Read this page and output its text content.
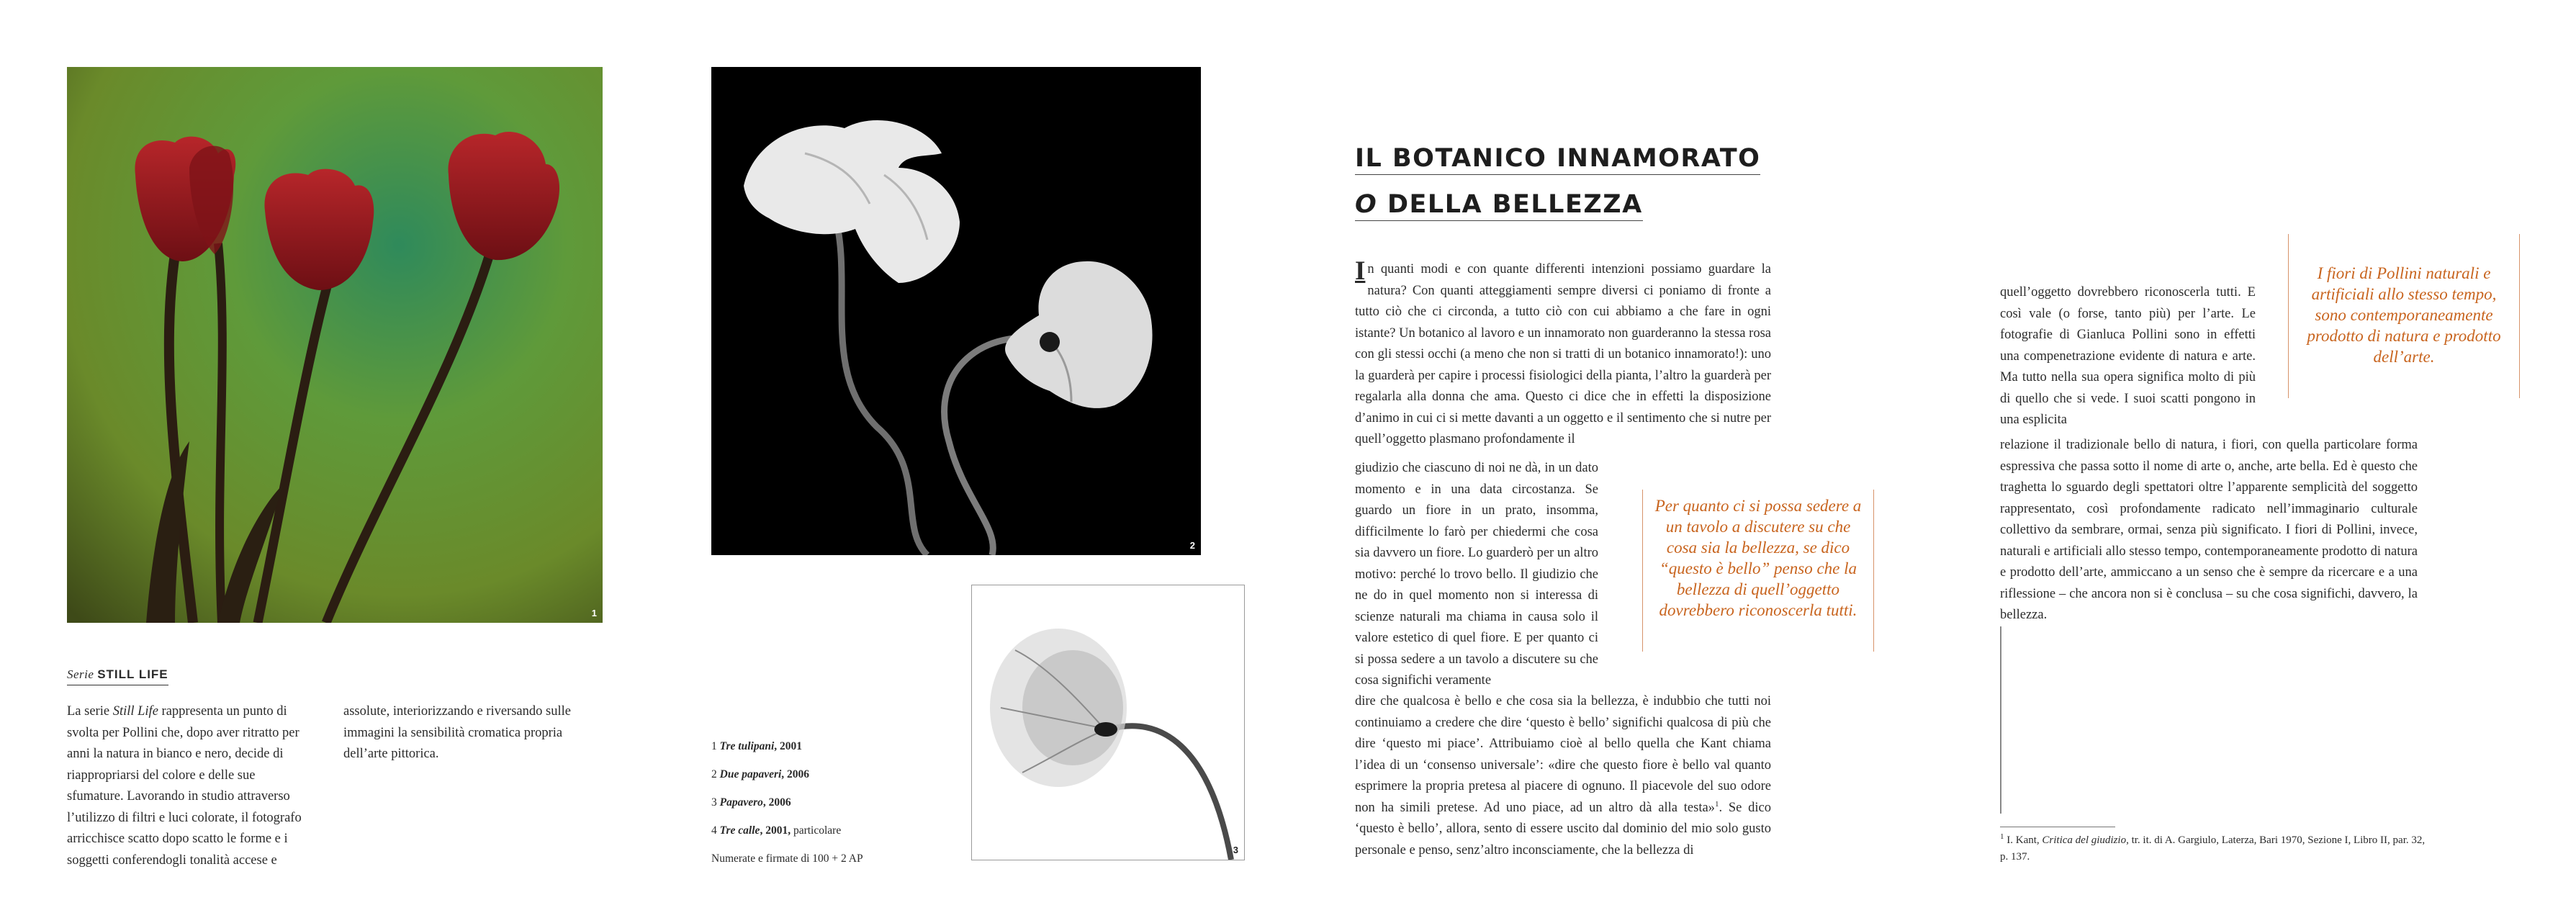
1
2
3
Serie STILL LIFE
La serie Still Life rappresenta un punto di svolta per Pollini che, dopo aver ritratto per anni la natura in bianco e nero, decide di riappropriarsi del colore e delle sue sfumature. Lavorando in studio attraverso l’utilizzo di filtri e luci colorate, il fotografo arricchisce scatto dopo scatto le forme e i soggetti conferendogli tonalità accese e
assolute, interiorizzando e riversando sulle immagini la sensibilità cromatica propria dell’arte pittorica.
1 Tre tulipani, 2001
2 Due papaveri, 2006
3 Papavero, 2006
4 Tre calle, 2001, particolare
Numerate e firmate di 100 + 2 AP
IL BOTANICO INNAMORATO
O DELLA BELLEZZA
In quanti modi e con quante differenti intenzioni possiamo guardare la natura? Con quanti atteggiamenti sempre diversi ci poniamo di fronte a tutto ciò che ci circonda, a tutto ciò con cui abbiamo a che fare in ogni istante? Un botanico al lavoro e un innamorato non guarderanno la stessa rosa con gli stessi occhi (a meno che non si tratti di un botanico innamorato!): uno la guarderà per capire i processi fisiologici della pianta, l’altro la guarderà per regalarla alla donna che ama. Questo ci dice che in effetti la disposizione d’animo in cui ci si mette davanti a un oggetto e il sentimento che si nutre per quell’oggetto plasmano profondamente il
giudizio che ciascuno di noi ne dà, in un dato momento e in una data circostanza. Se guardo un fiore in un prato, insomma, difficilmente lo farò per chiedermi che cosa sia davvero un fiore. Lo guarderò per un altro motivo: perché lo trovo bello. Il giudizio che ne do in quel momento non si interessa di scienze naturali ma chiama in causa solo il valore estetico di quel fiore. E per quanto ci si possa sedere a un tavolo a discutere su che cosa significhi veramente
dire che qualcosa è bello e che cosa sia la bellezza, è indubbio che tutti noi continuiamo a credere che dire ‘questo è bello’ significhi qualcosa di più che dire ‘questo mi piace’. Attribuiamo cioè al bello quella che Kant chiama l’idea di un ‘consenso universale’: «dire che questo fiore è bello val quanto esprimere la propria pretesa al piacere di ognuno. Il piacevole del suo odore non ha simili pretese. Ad uno piace, ad un altro dà alla testa»$^1$. Se dico ‘questo è bello’, allora, sento di essere uscito dal dominio del mio solo gusto personale e penso, senz’altro inconsciamente, che la bellezza di
Per quanto ci si possa sedere a un tavolo a discutere su che cosa sia la bellezza, se dico “questo è bello” penso che la bellezza di quell’oggetto dovrebbero riconoscerla tutti.
I fiori di Pollini naturali e artificiali allo stesso tempo, sono contemporaneamente prodotto di natura e prodotto dell’arte.
quell’oggetto dovrebbero riconoscerla tutti. E così vale (o forse, tanto più) per l’arte. Le fotografie di Gianluca Pollini sono in effetti una compenetrazione evidente di natura e arte. Ma tutto nella sua opera significa molto di più di quello che si vede. I suoi scatti pongono in una esplicita
relazione il tradizionale bello di natura, i fiori, con quella particolare forma espressiva che passa sotto il nome di arte o, anche, arte bella. Ed è questo che traghetta lo sguardo degli spettatori oltre l’apparente semplicità del soggetto rappresentato, così profondamente radicato nell’immaginario culturale collettivo da sembrare, ormai, senza più significato. I fiori di Pollini, invece, naturali e artificiali allo stesso tempo, contemporaneamente prodotto di natura e prodotto dell’arte, ammiccano a un senso che è sempre da ricercare e a una riflessione – che ancora non si è conclusa – su che cosa significhi, davvero, la bellezza.
$^1$ I. Kant, Critica del giudizio, tr. it. di A. Gargiulo, Laterza, Bari 1970, Sezione I, Libro II, par. 32, p. 137.
